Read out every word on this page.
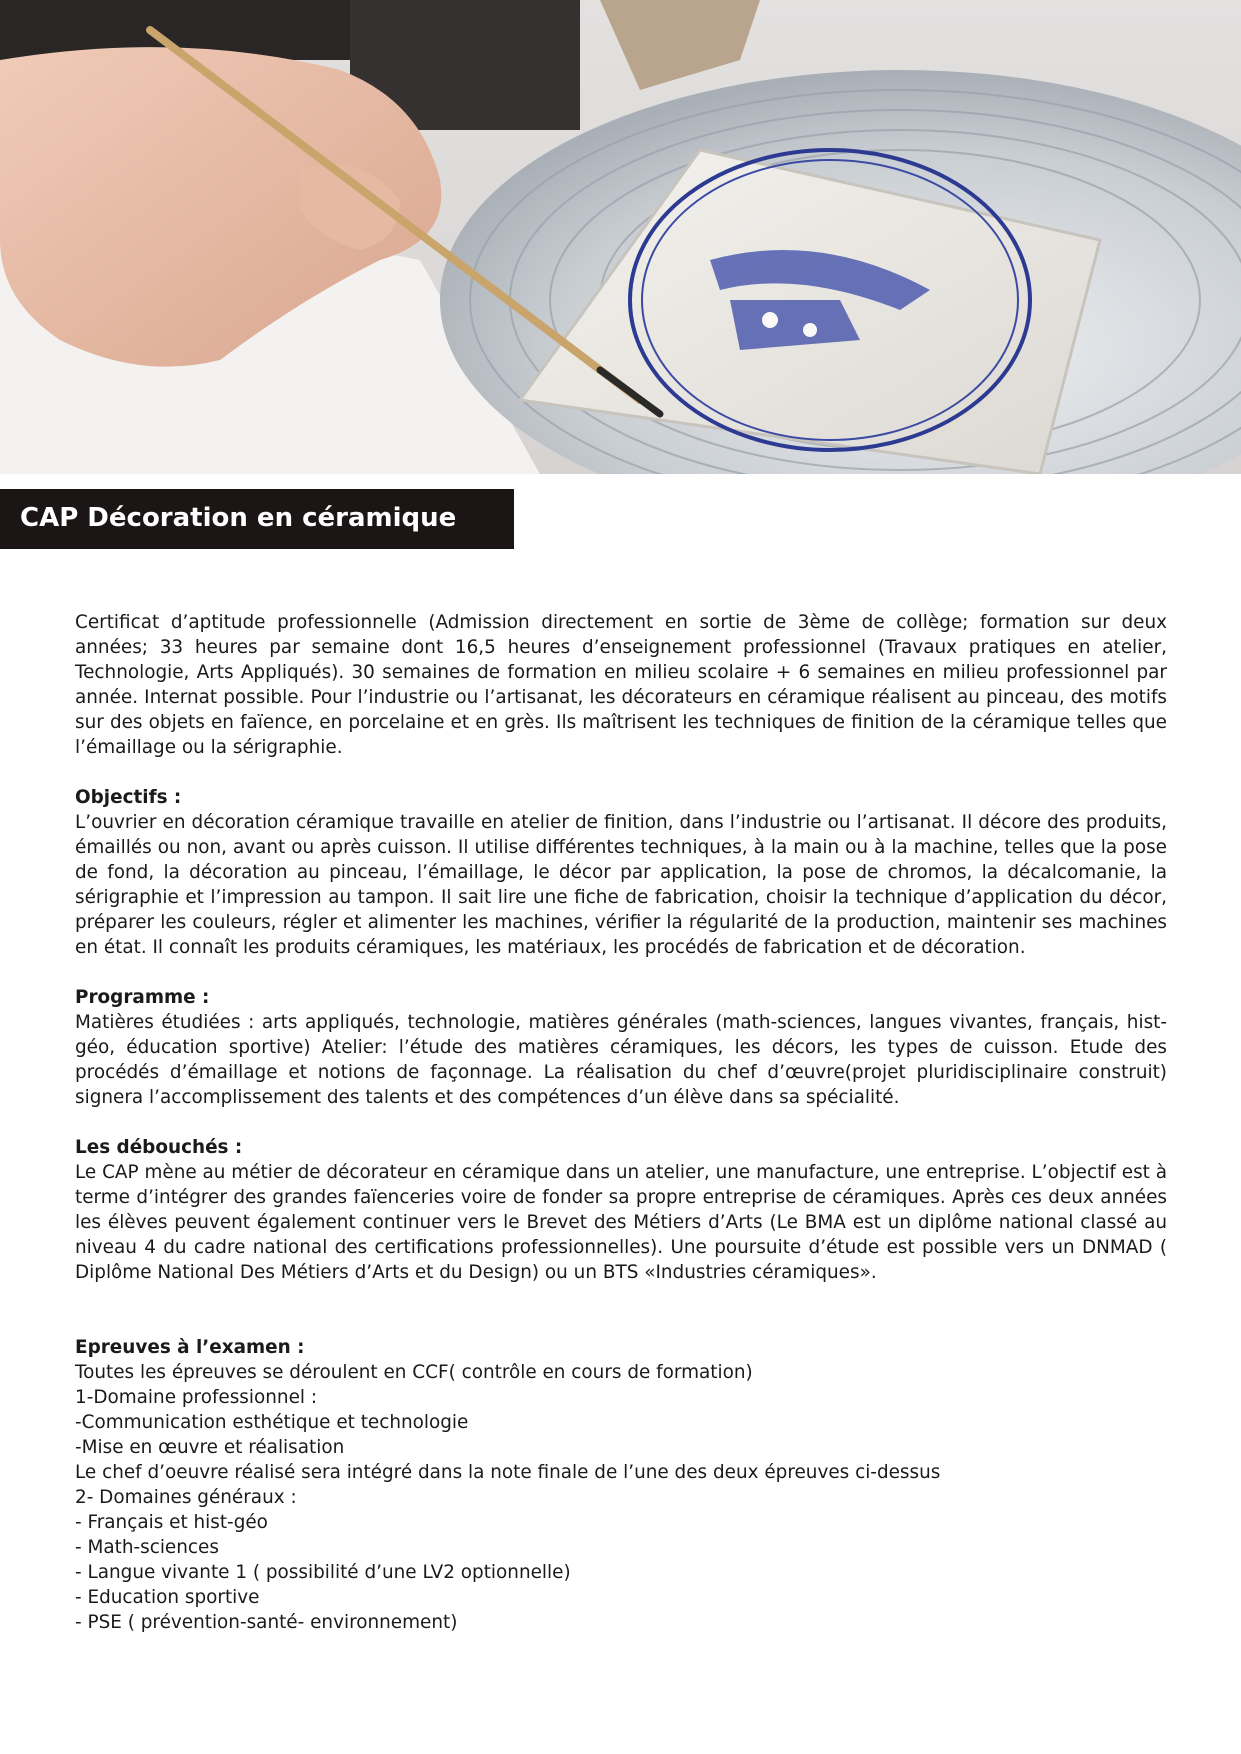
CAP Décoration en céramique

Certificat d’aptitude professionnelle (Admission directement en sortie de 3ème de collège; formation sur deux années; 33 heures par semaine dont 16,5 heures d’enseignement professionnel (Travaux pratiques en atelier, Technologie, Arts Appliqués). 30 semaines de formation en milieu scolaire + 6 semaines en milieu professionnel par année. Internat possible. Pour l’industrie ou l’artisanat, les décorateurs en céramique réalisent au pinceau, des motifs sur des objets en faïence, en porcelaine et en grès. Ils maîtrisent les techniques de finition de la céramique telles que l’émaillage ou la sérigraphie.

Objectifs :

L’ouvrier en décoration céramique travaille en atelier de finition, dans l’industrie ou l’artisanat. Il décore des produits, émaillés ou non, avant ou après cuisson. Il utilise différentes techniques, à la main ou à la machine, telles que la pose de fond, la décoration au pinceau, l’émaillage, le décor par application, la pose de chromos, la décalcomanie, la sérigraphie et l’impression au tampon. Il sait lire une fiche de fabrication, choisir la technique d’application du décor, préparer les couleurs, régler et alimenter les machines, vérifier la régularité de la production, maintenir ses machines en état. Il connaît les produits céramiques, les matériaux, les procédés de fabrication et de décoration.

Programme :

Matières étudiées : arts appliqués, technologie, matières générales (math-sciences, langues vivantes, français, hist-géo, éducation sportive) Atelier: l’étude des matières céramiques, les décors, les types de cuisson. Etude des procédés d’émaillage et notions de façonnage. La réalisation du chef d’œuvre(projet pluridisciplinaire construit) signera l’accomplissement des talents et des compétences d’un élève dans sa spécialité.

Les débouchés :

Le CAP mène au métier de décorateur en céramique dans un atelier, une manufacture, une entreprise. L’objectif est à terme d’intégrer des grandes faïenceries voire de fonder sa propre entreprise de céramiques. Après ces deux années les élèves peuvent également continuer vers le Brevet des Métiers d’Arts (Le BMA est un diplôme national classé au niveau 4 du cadre national des certifications professionnelles). Une poursuite d’étude est possible vers un DNMAD ( Diplôme National Des Métiers d’Arts et du Design) ou un BTS «Industries céramiques».

Epreuves à l’examen :
Toutes les épreuves se déroulent en CCF( contrôle en cours de formation)
1-Domaine professionnel :
-Communication esthétique et technologie
-Mise en œuvre et réalisation
Le chef d’oeuvre réalisé sera intégré dans la note finale de l’une des deux épreuves ci-dessus
2- Domaines généraux :
- Français et hist-géo
- Math-sciences
- Langue vivante 1 ( possibilité d’une LV2 optionnelle)
- Education sportive
- PSE ( prévention-santé- environnement)
